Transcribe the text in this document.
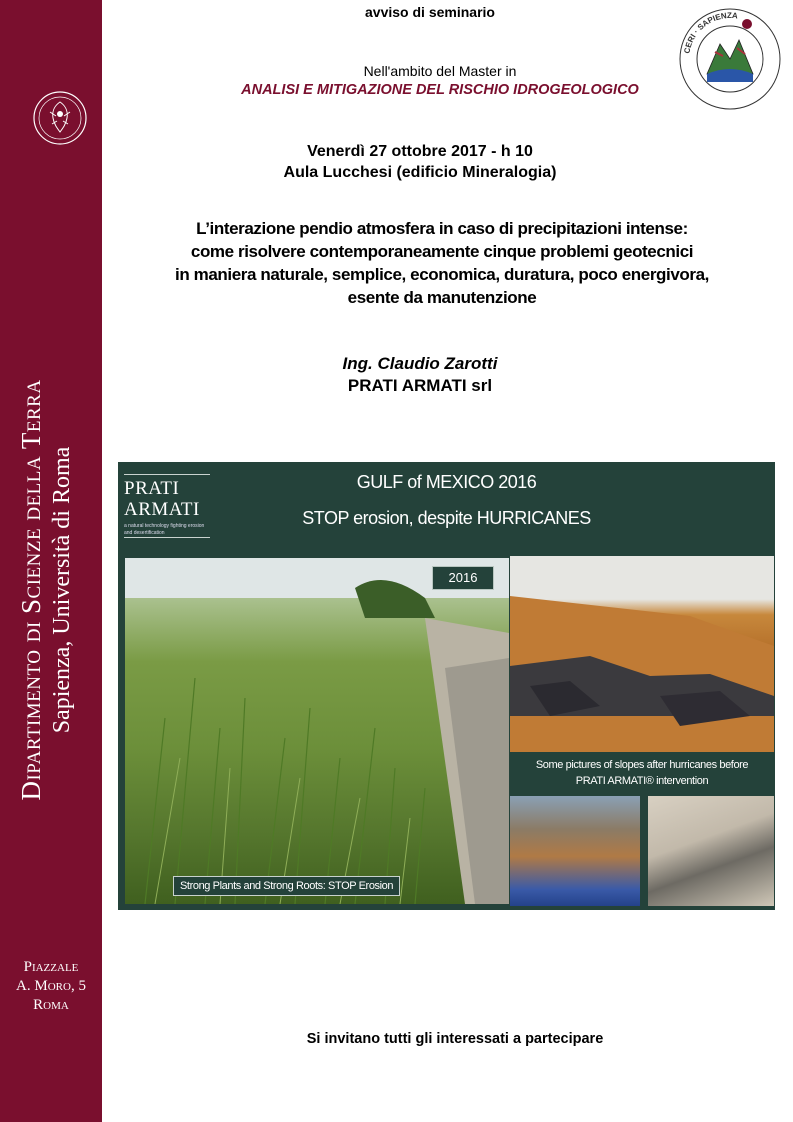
Dipartimento di Scienze della Terra Sapienza, Università di Roma
Piazzale
A. Moro, 5
Roma
avviso di seminario
Nell'ambito del Master in
ANALISI E MITIGAZIONE DEL RISCHIO IDROGEOLOGICO
CERI · SAPIENZA
Venerdì 27 ottobre 2017 - h 10
Aula Lucchesi (edificio Mineralogia)
L’interazione pendio atmosfera in caso di precipitazioni intense:
come risolvere contemporaneamente cinque problemi geotecnici
in maniera naturale, semplice, economica, duratura, poco energivora,
esente da manutenzione
Ing. Claudio Zarotti
PRATI ARMATI srl
PRATI
ARMATI
a natural technology fighting erosion and desertification
GULF of MEXICO 2016
STOP erosion, despite HURRICANES
2016
Strong Plants and Strong Roots: STOP Erosion
Some pictures of slopes after hurricanes before
PRATI ARMATI® intervention
Si invitano tutti gli interessati a partecipare
